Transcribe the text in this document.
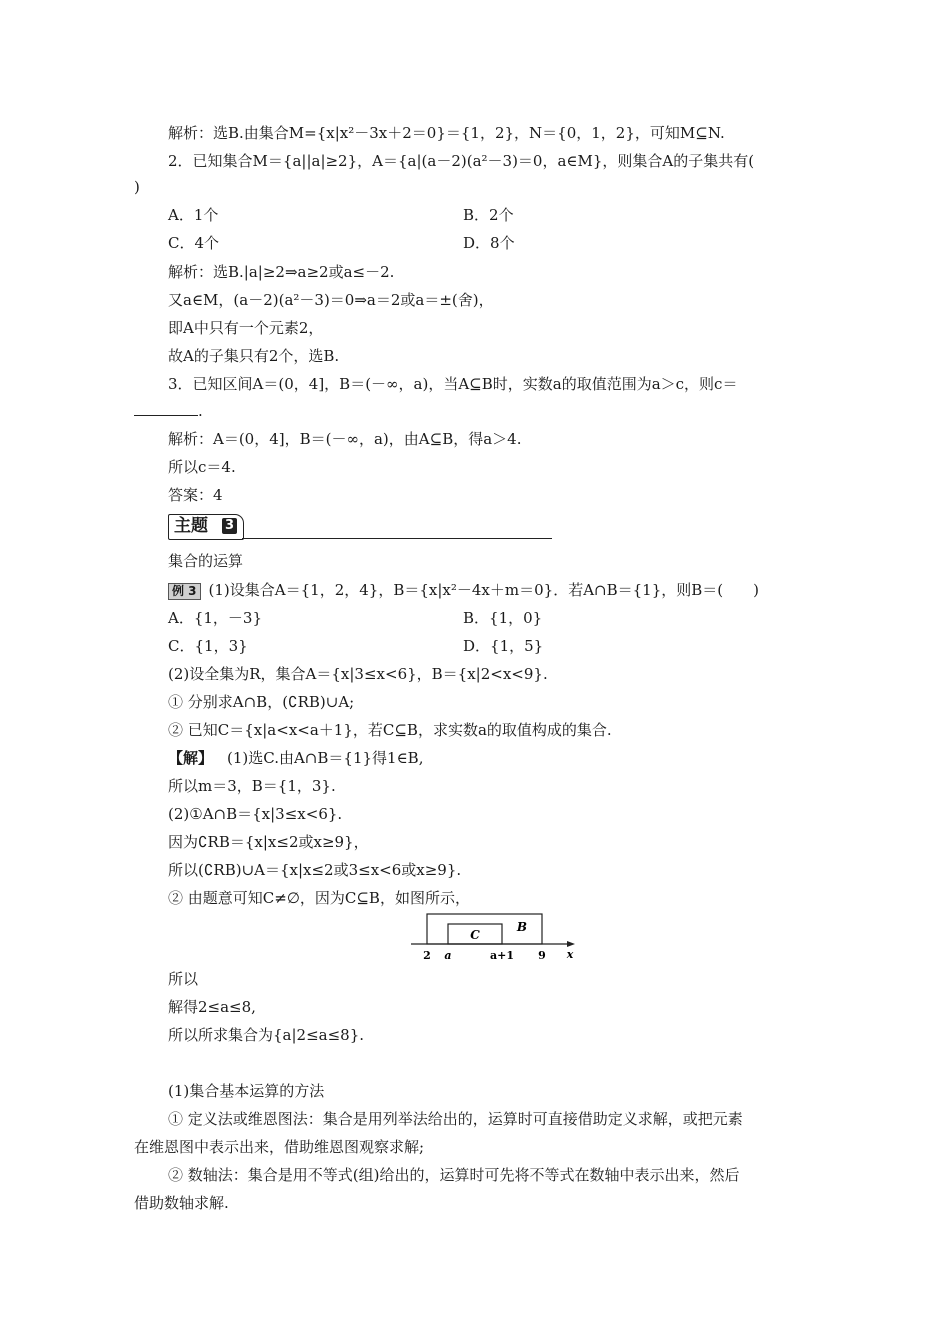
解析：选B.由集合M={x|x²－3x＋2＝0}＝{1，2}，N＝{0，1，2}，可知M⊆N.
2．已知集合M＝{a||a|≥2}，A＝{a|(a－2)(a²－3)＝0，a∈M}，则集合A的子集共有(
)
A．1个	B．2个
C．4个	D．8个
解析：选B.|a|≥2⇒a≥2或a≤－2.
又a∈M，(a－2)(a²－3)＝0⇒a＝2或a＝±(舍)，
即A中只有一个元素2，
故A的子集只有2个，选B.
3．已知区间A＝(0，4]，B＝(－∞，a)，当A⊆B时，实数a的取值范围为a＞c，则c＝
.
解析：A＝(0，4]，B＝(－∞，a)，由A⊆B，得a＞4.
所以c＝4.
答案：4
主题 3
集合的运算
例 3 (1)设集合A＝{1，2，4}，B＝{x|x²－4x＋m＝0}．若A∩B＝{1}，则B＝(　　)
A．{1，－3}	B．{1，0}
C．{1，3}	D．{1，5}
(2)设全集为R，集合A＝{x|3≤x<6}，B＝{x|2<x<9}.
① 分别求A∩B，(∁RB)∪A;
② 已知C＝{x|a<x<a＋1}，若C⊆B，求实数a的取值构成的集合.
【解】 (1)选C.由A∩B＝{1}得1∈B,
所以m＝3，B＝{1，3}.
(2)①A∩B＝{x|3≤x<6}.
因为∁RB＝{x|x≤2或x≥9}，
所以(∁RB)∪A＝{x|x≤2或3≤x<6或x≥9}.
② 由题意可知C≠∅，因为C⊆B，如图所示，
C
B
2 a	a+1 9 x
所以
解得2≤a≤8,
所以所求集合为{a|2≤a≤8}.
(1)集合基本运算的方法
① 定义法或维恩图法：集合是用列举法给出的，运算时可直接借助定义求解，或把元素
在维恩图中表示出来，借助维恩图观察求解;
② 数轴法：集合是用不等式(组)给出的，运算时可先将不等式在数轴中表示出来，然后
借助数轴求解.
